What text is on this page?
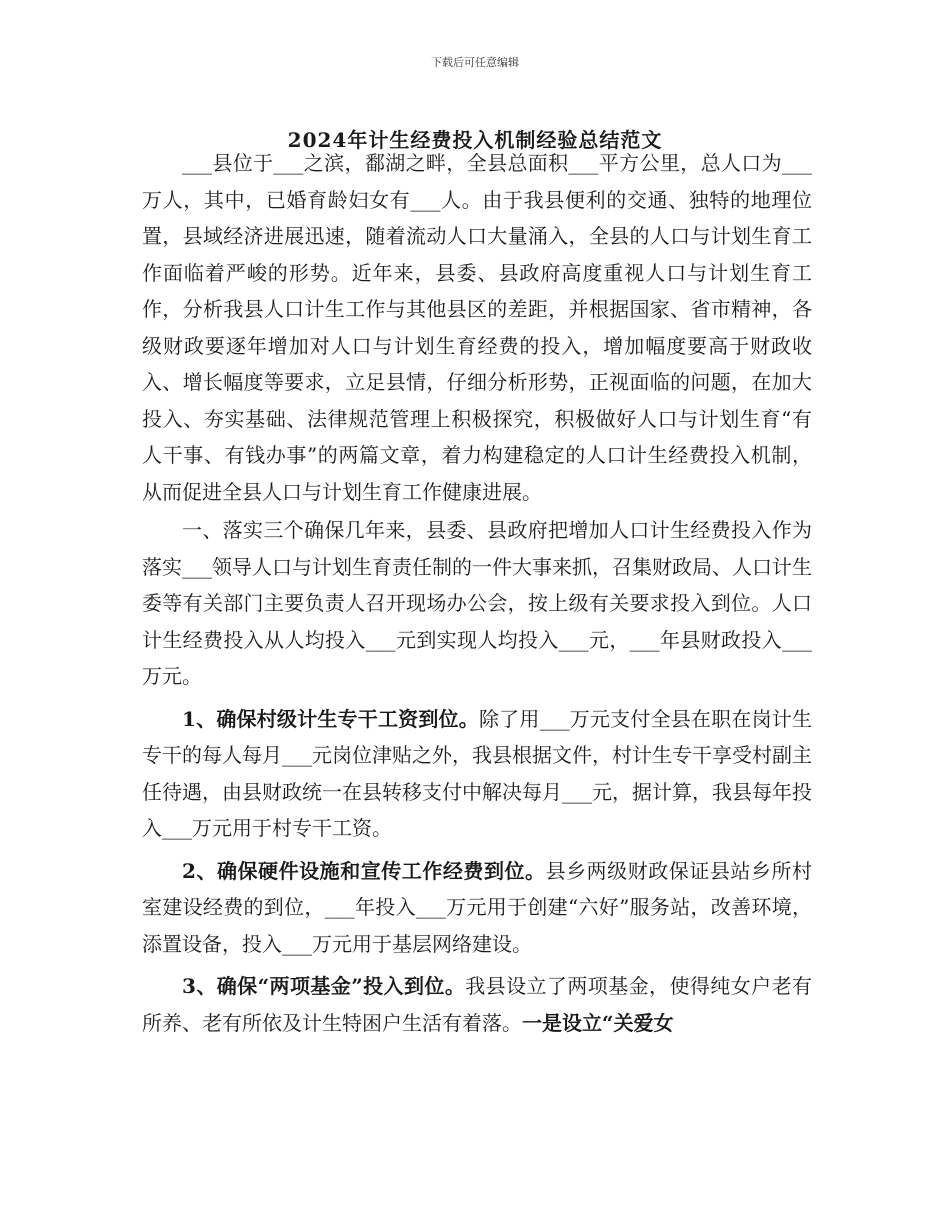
下载后可任意编辑
2024年计生经费投入机制经验总结范文

___县位于___之滨，鄱湖之畔，全县总面积___平方公里，总人口为___万人，其中，已婚育龄妇女有___人。由于我县便利的交通、独特的地理位置，县域经济进展迅速，随着流动人口大量涌入，全县的人口与计划生育工作面临着严峻的形势。近年来，县委、县政府高度重视人口与计划生育工作，分析我县人口计生工作与其他县区的差距，并根据国家、省市精神，各级财政要逐年增加对人口与计划生育经费的投入，增加幅度要高于财政收入、增长幅度等要求，立足县情，仔细分析形势，正视面临的问题，在加大投入、夯实基础、法律规范管理上积极探究，积极做好人口与计划生育“有人干事、有钱办事”的两篇文章，着力构建稳定的人口计生经费投入机制，从而促进全县人口与计划生育工作健康进展。

一、落实三个确保几年来，县委、县政府把增加人口计生经费投入作为落实___领导人口与计划生育责任制的一件大事来抓，召集财政局、人口计生委等有关部门主要负责人召开现场办公会，按上级有关要求投入到位。人口计生经费投入从人均投入___元到实现人均投入___元，___年县财政投入___万元。

1、确保村级计生专干工资到位。除了用___万元支付全县在职在岗计生专干的每人每月___元岗位津贴之外，我县根据文件，村计生专干享受村副主任待遇，由县财政统一在县转移支付中解决每月___元，据计算，我县每年投入___万元用于村专干工资。

2、确保硬件设施和宣传工作经费到位。县乡两级财政保证县站乡所村室建设经费的到位，___年投入___万元用于创建“六好”服务站，改善环境，添置设备，投入___万元用于基层网络建设。

3、确保“两项基金”投入到位。我县设立了两项基金，使得纯女户老有所养、老有所依及计生特困户生活有着落。一是设立“关爱女
